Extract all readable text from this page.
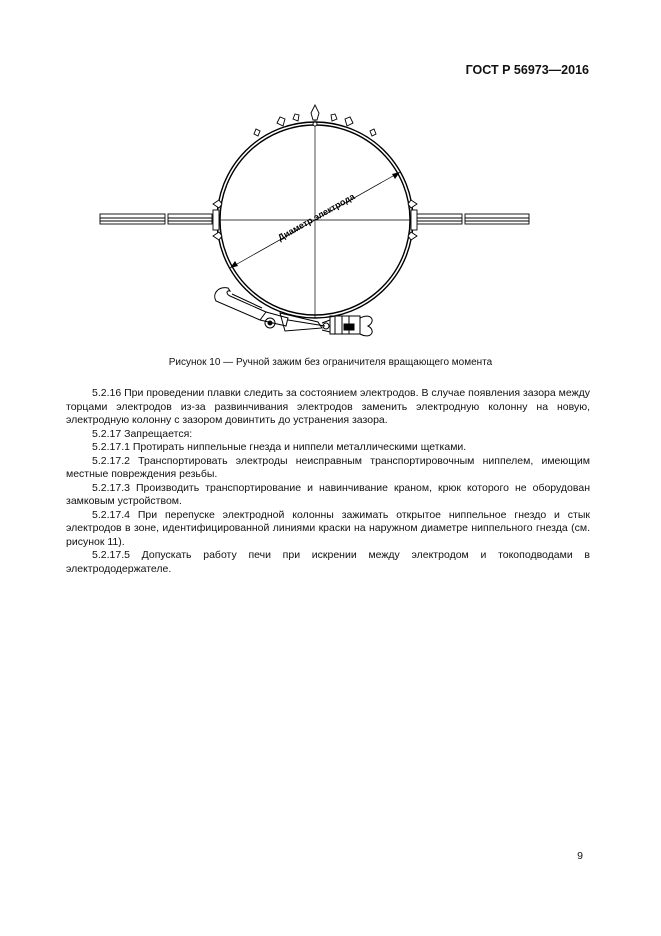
ГОСТ Р 56973—2016
Диаметр электрода
Рисунок 10 — Ручной зажим без ограничителя вращающего момента

5.2.16 При проведении плавки следить за состоянием электродов. В случае появления зазора между торцами электродов из-за развинчивания электродов заменить электродную колонну на новую, электродную колонну с зазором довинтить до устранения зазора.

5.2.17 Запрещается:

5.2.17.1 Протирать ниппельные гнезда и ниппели металлическими щетками.

5.2.17.2 Транспортировать электроды неисправным транспортировочным ниппелем, имеющим местные повреждения резьбы.

5.2.17.3 Производить транспортирование и навинчивание краном, крюк которого не оборудован замковым устройством.

5.2.17.4 При перепуске электродной колонны зажимать открытое ниппельное гнездо и стык электродов в зоне, идентифицированной линиями краски на наружном диаметре ниппельного гнезда (см. рисунок 11).

5.2.17.5 Допускать работу печи при искрении между электродом и токоподводами в электрододержателе.

9
